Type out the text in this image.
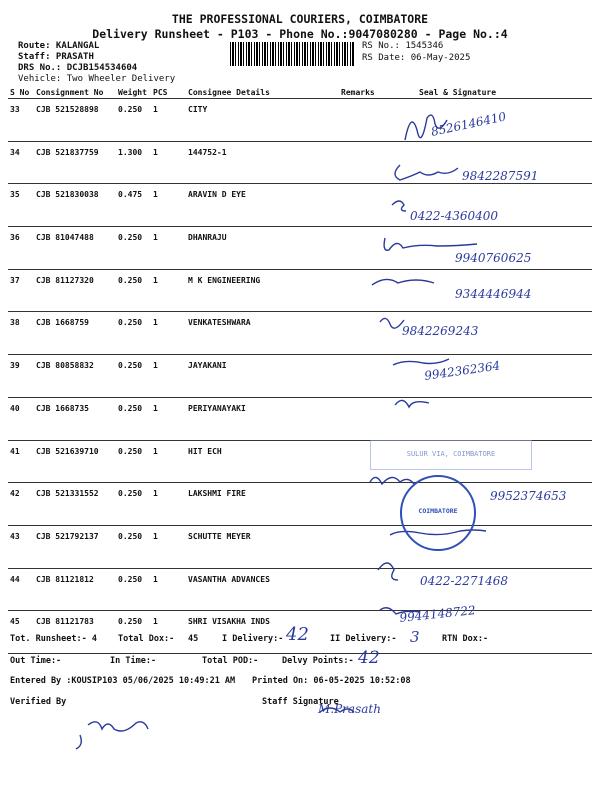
THE PROFESSIONAL COURIERS, COIMBATORE
Delivery Runsheet - P103 - Phone No.:9047080280 - Page No.:4
Route: KALANGAL
Staff: PRASATH
DRS No.: DCJB154534604
Vehicle: Two Wheeler Delivery
RS No.: 1545346
RS Date: 06-May-2025
S No	Consignment No	Weight	PCS	Consignee Details	Remarks	Seal & Signature
33	CJB 521528898	0.250	1	CITY		
34	CJB 521837759	1.300	1	144752-1		
35	CJB 521830038	0.475	1	ARAVIN D EYE		
36	CJB 81047488	0.250	1	DHANRAJU		
37	CJB 81127320	0.250	1	M K ENGINEERING		
38	CJB 1668759	0.250	1	VENKATESHWARA		
39	CJB 80858832	0.250	1	JAYAKANI		
40	CJB 1668735	0.250	1	PERIYANAYAKI		
41	CJB 521639710	0.250	1	HIT ECH		
42	CJB 521331552	0.250	1	LAKSHMI FIRE		
43	CJB 521792137	0.250	1	SCHUTTE MEYER		
44	CJB 81121812	0.250	1	VASANTHA ADVANCES		
45	CJB 81121783	0.250	1	SHRI VISAKHA INDS		
8526146410
9842287591
0422-4360400
9940760625
9344446944
9842269243
9942362364
9952374653
0422-2271468
9944148722
COIMBATORE
SULUR VIA, COIMBATORE
Tot. Runsheet:- 4 Total Dox:- 45	I Delivery:- 42 II Delivery:- 3	RTN Dox:-
Out Time:-	In Time:-	Total POD:-	Delvy Points:- 42
Entered By :KOUSIP103 05/06/2025 10:49:21 AM Printed On: 06-05-2025 10:52:08
Verified By	Staff Signature
M.Prasath
